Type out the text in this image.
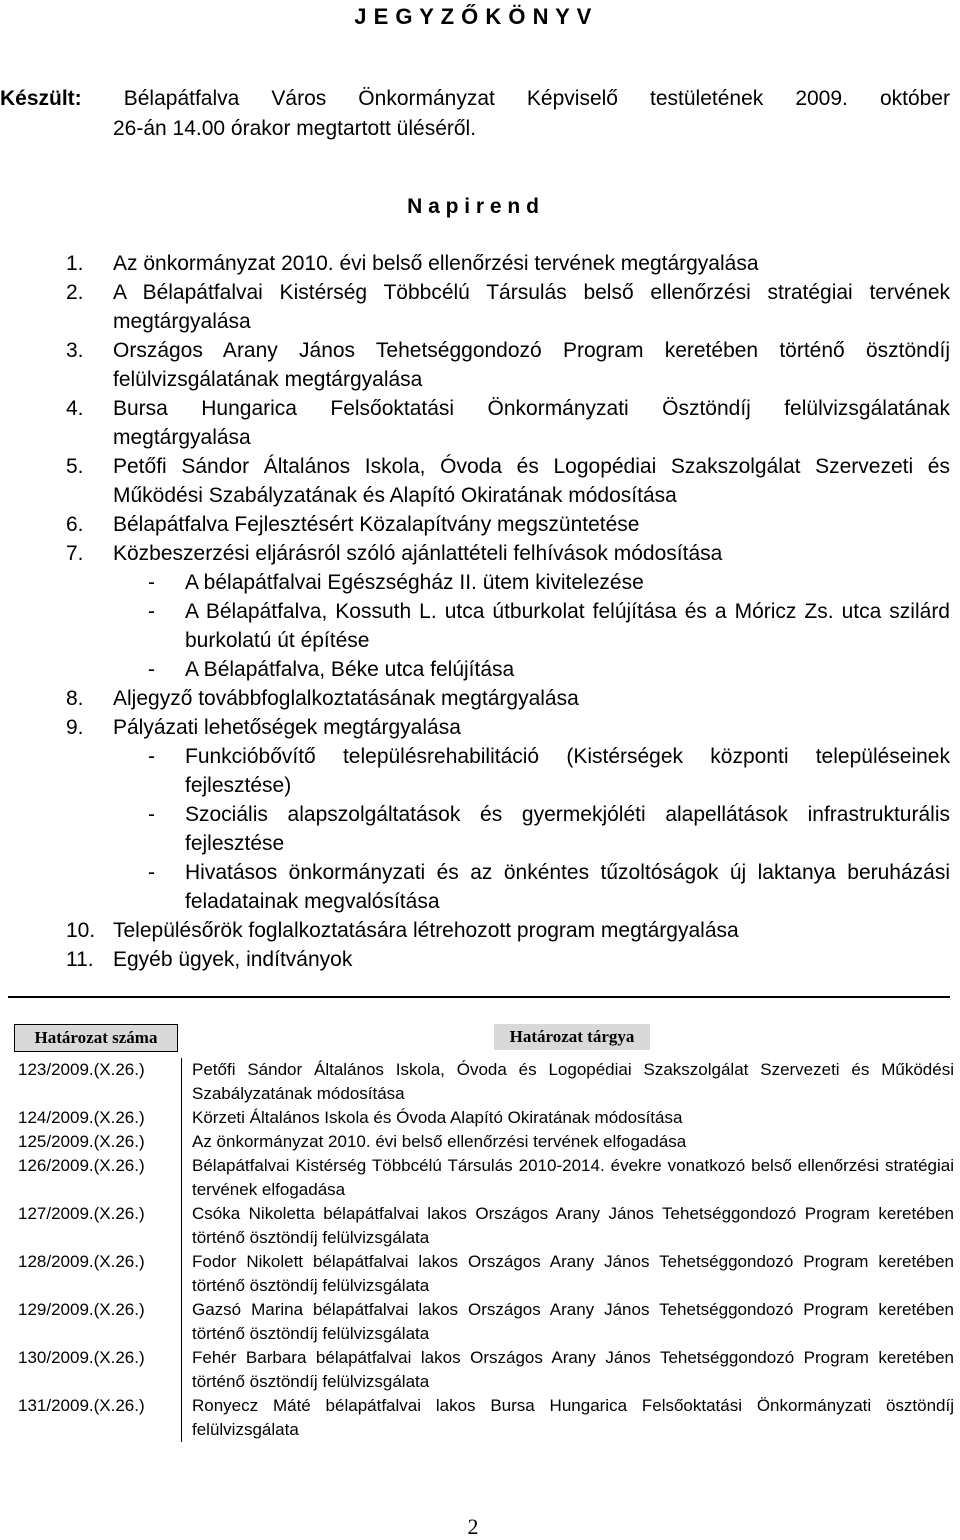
J E G Y Z Ő K Ö N Y V
Készült: Bélapátfalva Város Önkormányzat Képviselő testületének 2009. október
26-án 14.00 órakor megtartott üléséről.
N a p i r e n d
1.	Az önkormányzat 2010. évi belső ellenőrzési tervének megtárgyalása
2.	A Bélapátfalvai Kistérség Többcélú Társulás belső ellenőrzési stratégiai tervének megtárgyalása
3.	Országos Arany János Tehetséggondozó Program keretében történő ösztöndíj felülvizsgálatának megtárgyalása
4.	Bursa Hungarica Felsőoktatási Önkormányzati Ösztöndíj felülvizsgálatának megtárgyalása
5.	Petőfi Sándor Általános Iskola, Óvoda és Logopédiai Szakszolgálat Szervezeti és Működési Szabályzatának és Alapító Okiratának módosítása
6.	Bélapátfalva Fejlesztésért Közalapítvány megszüntetése
7.	Közbeszerzési eljárásról szóló ajánlattételi felhívások módosítása
- A bélapátfalvai Egészségház II. ütem kivitelezése
- A Bélapátfalva, Kossuth L. utca útburkolat felújítása és a Móricz Zs. utca szilárd burkolatú út építése
- A Bélapátfalva, Béke utca felújítása
8.	Aljegyző továbbfoglalkoztatásának megtárgyalása
9.	Pályázati lehetőségek megtárgyalása
- Funkcióbővítő településrehabilitáció (Kistérségek központi településeinek fejlesztése)
- Szociális alapszolgáltatások és gyermekjóléti alapellátások infrastrukturális fejlesztése
- Hivatásos önkormányzati és az önkéntes tűzoltóságok új laktanya beruházási feladatainak megvalósítása
10. Településőrök foglalkoztatására létrehozott program megtárgyalása
11. Egyéb ügyek, indítványok
Határozat száma	Határozat tárgya
123/2009.(X.26.)	Petőfi Sándor Általános Iskola, Óvoda és Logopédiai Szakszolgálat Szervezeti és Működési Szabályzatának módosítása
124/2009.(X.26.)	Körzeti Általános Iskola és Óvoda Alapító Okiratának módosítása
125/2009.(X.26.)	Az önkormányzat 2010. évi belső ellenőrzési tervének elfogadása
126/2009.(X.26.)	Bélapátfalvai Kistérség Többcélú Társulás 2010-2014. évekre vonatkozó belső ellenőrzési stratégiai tervének elfogadása
127/2009.(X.26.)	Csóka Nikoletta bélapátfalvai lakos Országos Arany János Tehetséggondozó Program keretében történő ösztöndíj felülvizsgálata
128/2009.(X.26.)	Fodor Nikolett bélapátfalvai lakos Országos Arany János Tehetséggondozó Program keretében történő ösztöndíj felülvizsgálata
129/2009.(X.26.)	Gazsó Marina bélapátfalvai lakos Országos Arany János Tehetséggondozó Program keretében történő ösztöndíj felülvizsgálata
130/2009.(X.26.)	Fehér Barbara bélapátfalvai lakos Országos Arany János Tehetséggondozó Program keretében történő ösztöndíj felülvizsgálata
131/2009.(X.26.)	Ronyecz Máté bélapátfalvai lakos Bursa Hungarica Felsőoktatási Önkormányzati ösztöndíj felülvizsgálata
2
